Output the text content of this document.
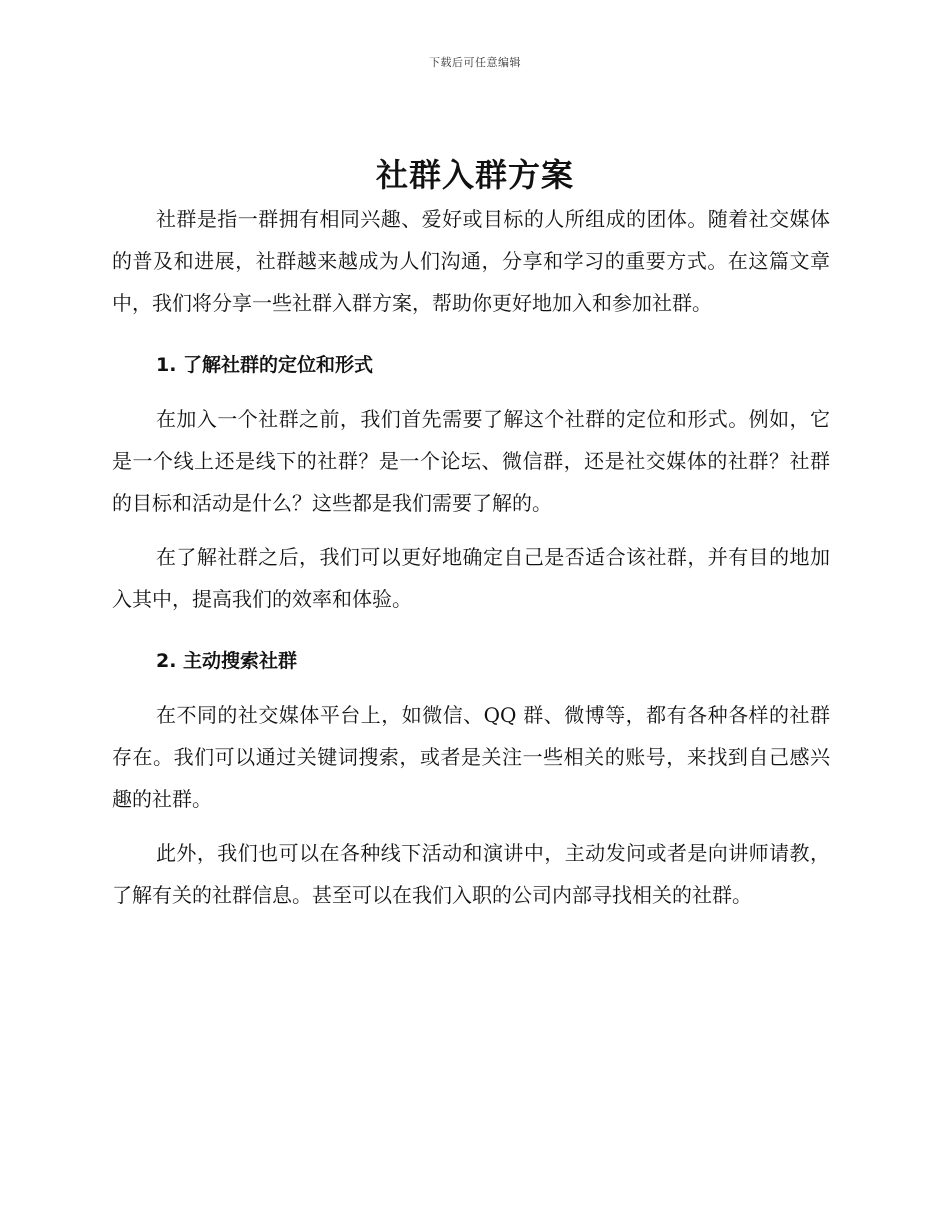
下载后可任意编辑
社群入群方案

社群是指一群拥有相同兴趣、爱好或目标的人所组成的团体。随着社交媒体的普及和进展，社群越来越成为人们沟通，分享和学习的重要方式。在这篇文章中，我们将分享一些社群入群方案，帮助你更好地加入和参加社群。

1. 了解社群的定位和形式

在加入一个社群之前，我们首先需要了解这个社群的定位和形式。例如，它是一个线上还是线下的社群？是一个论坛、微信群，还是社交媒体的社群？社群的目标和活动是什么？这些都是我们需要了解的。

在了解社群之后，我们可以更好地确定自己是否适合该社群，并有目的地加入其中，提高我们的效率和体验。

2. 主动搜索社群

在不同的社交媒体平台上，如微信、QQ 群、微博等，都有各种各样的社群存在。我们可以通过关键词搜索，或者是关注一些相关的账号，来找到自己感兴趣的社群。

此外，我们也可以在各种线下活动和演讲中，主动发问或者是向讲师请教，了解有关的社群信息。甚至可以在我们入职的公司内部寻找相关的社群。
